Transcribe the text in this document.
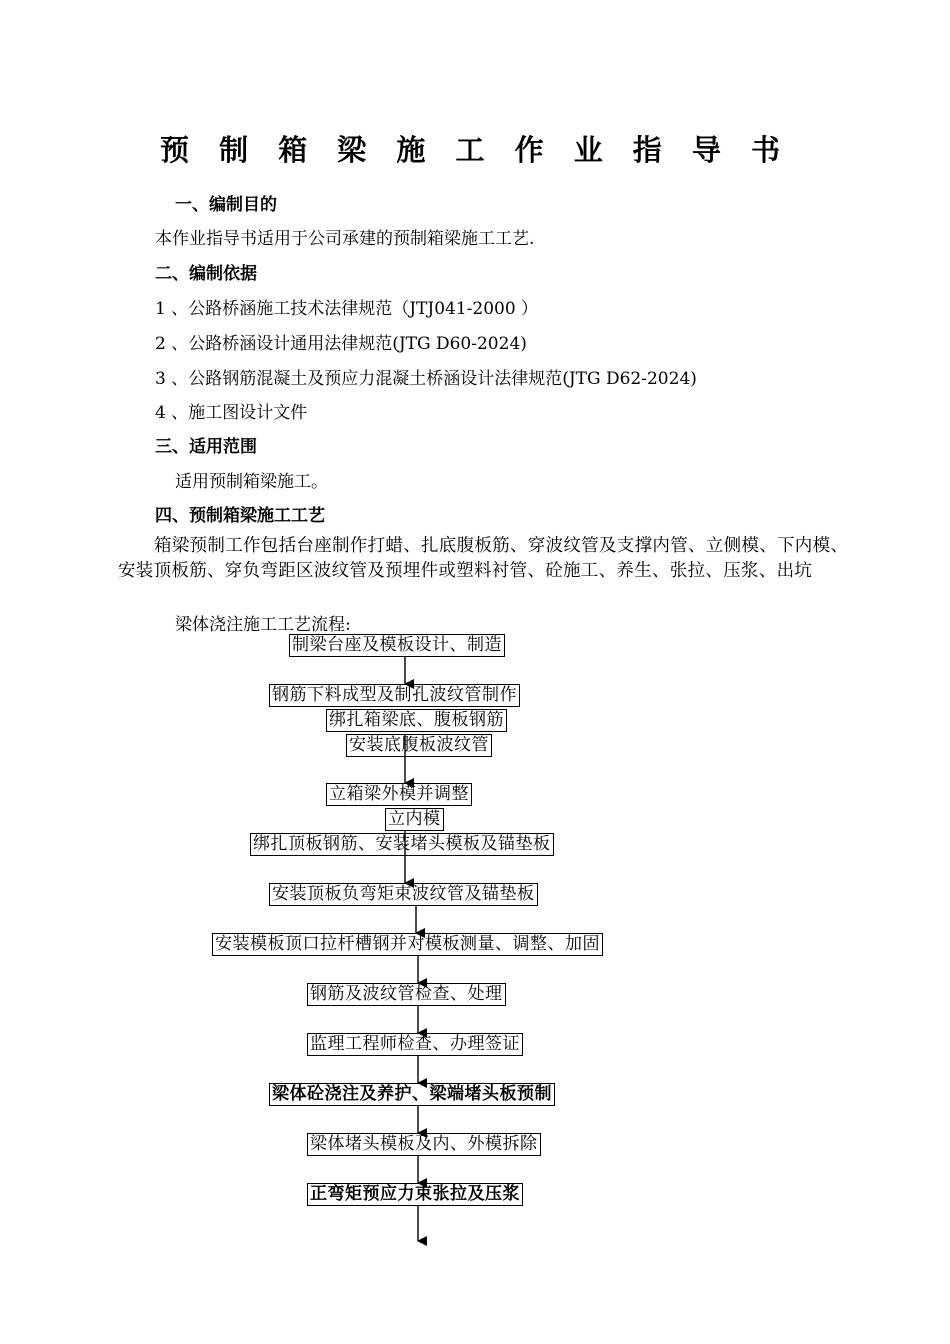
预 制 箱 梁 施 工 作 业 指 导 书
一、编制目的
本作业指导书适用于公司承建的预制箱梁施工工艺.
二、编制依据
1 、公路桥涵施工技术法律规范（JTJ041-2000 ）
2 、公路桥涵设计通用法律规范(JTG D60-2024)
3 、公路钢筋混凝土及预应力混凝土桥涵设计法律规范(JTG D62-2024)
4 、施工图设计文件
三、适用范围
适用预制箱梁施工。
四、预制箱梁施工工艺
箱梁预制工作包括台座制作打蜡、扎底腹板筋、穿波纹管及支撑内管、立侧模、下内模、安装顶板筋、穿负弯距区波纹管及预埋件或塑料衬管、砼施工、养生、张拉、压浆、出坑
梁体浇注施工工艺流程:
制梁台座及模板设计、制造
钢筋下料成型及制孔波纹管制作
绑扎箱梁底、腹板钢筋
安装底腹板波纹管
立箱梁外模并调整
立内模
绑扎顶板钢筋、安装堵头模板及锚垫板
安装顶板负弯矩束波纹管及锚垫板
安装模板顶口拉杆槽钢并对模板测量、调整、加固
钢筋及波纹管检查、处理
监理工程师检查、办理签证
梁体砼浇注及养护、梁端堵头板预制
梁体堵头模板及内、外模拆除
正弯矩预应力束张拉及压浆
